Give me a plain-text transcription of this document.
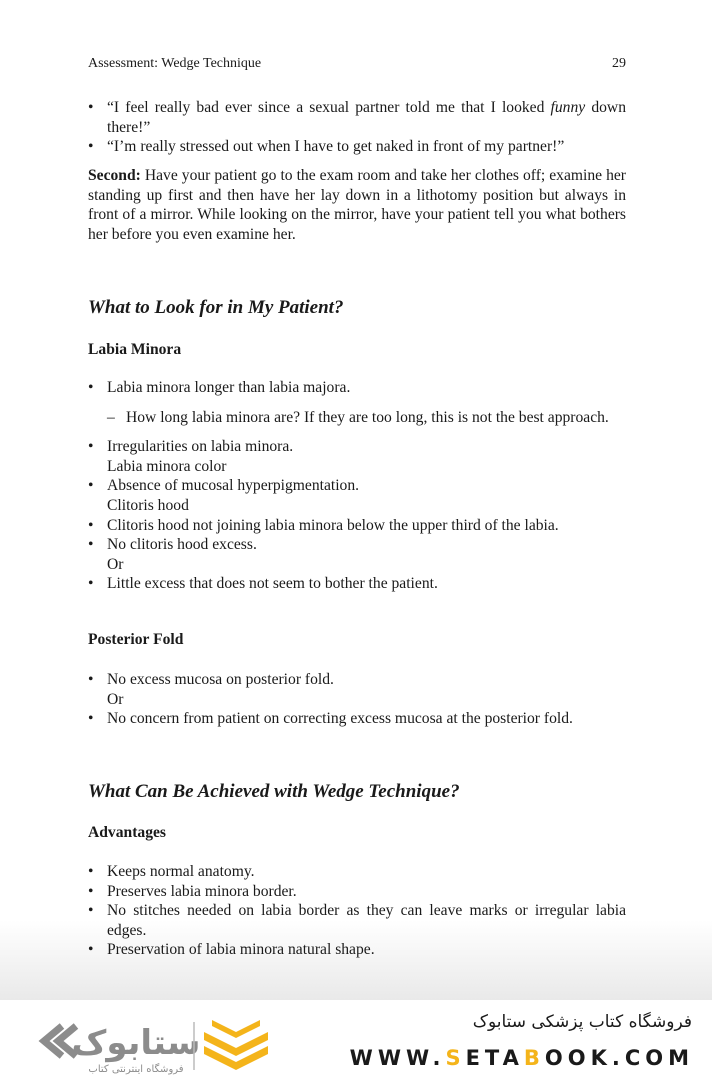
Assessment: Wedge Technique	29
• “I feel really bad ever since a sexual partner told me that I looked funny down there!”
• “I’m really stressed out when I have to get naked in front of my partner!”
Second: Have your patient go to the exam room and take her clothes off; examine her standing up first and then have her lay down in a lithotomy position but always in front of a mirror. While looking on the mirror, have your patient tell you what bothers her before you even examine her.
What to Look for in My Patient?
Labia Minora
• Labia minora longer than labia majora.
– How long labia minora are? If they are too long, this is not the best approach.
• Irregularities on labia minora.
Labia minora color
• Absence of mucosal hyperpigmentation.
Clitoris hood
• Clitoris hood not joining labia minora below the upper third of the labia.
• No clitoris hood excess.
Or
• Little excess that does not seem to bother the patient.
Posterior Fold
• No excess mucosa on posterior fold.
Or
• No concern from patient on correcting excess mucosa at the posterior fold.
What Can Be Achieved with Wedge Technique?
Advantages
• Keeps normal anatomy.
• Preserves labia minora border.
• No stitches needed on labia border as they can leave marks or irregular labia edges.
• Preservation of labia minora natural shape.
ستابوک
فروشگاه اینترنتی کتاب
فروشگاه کتاب پزشکی ستابوک
WWW.SETABOOK.COM
